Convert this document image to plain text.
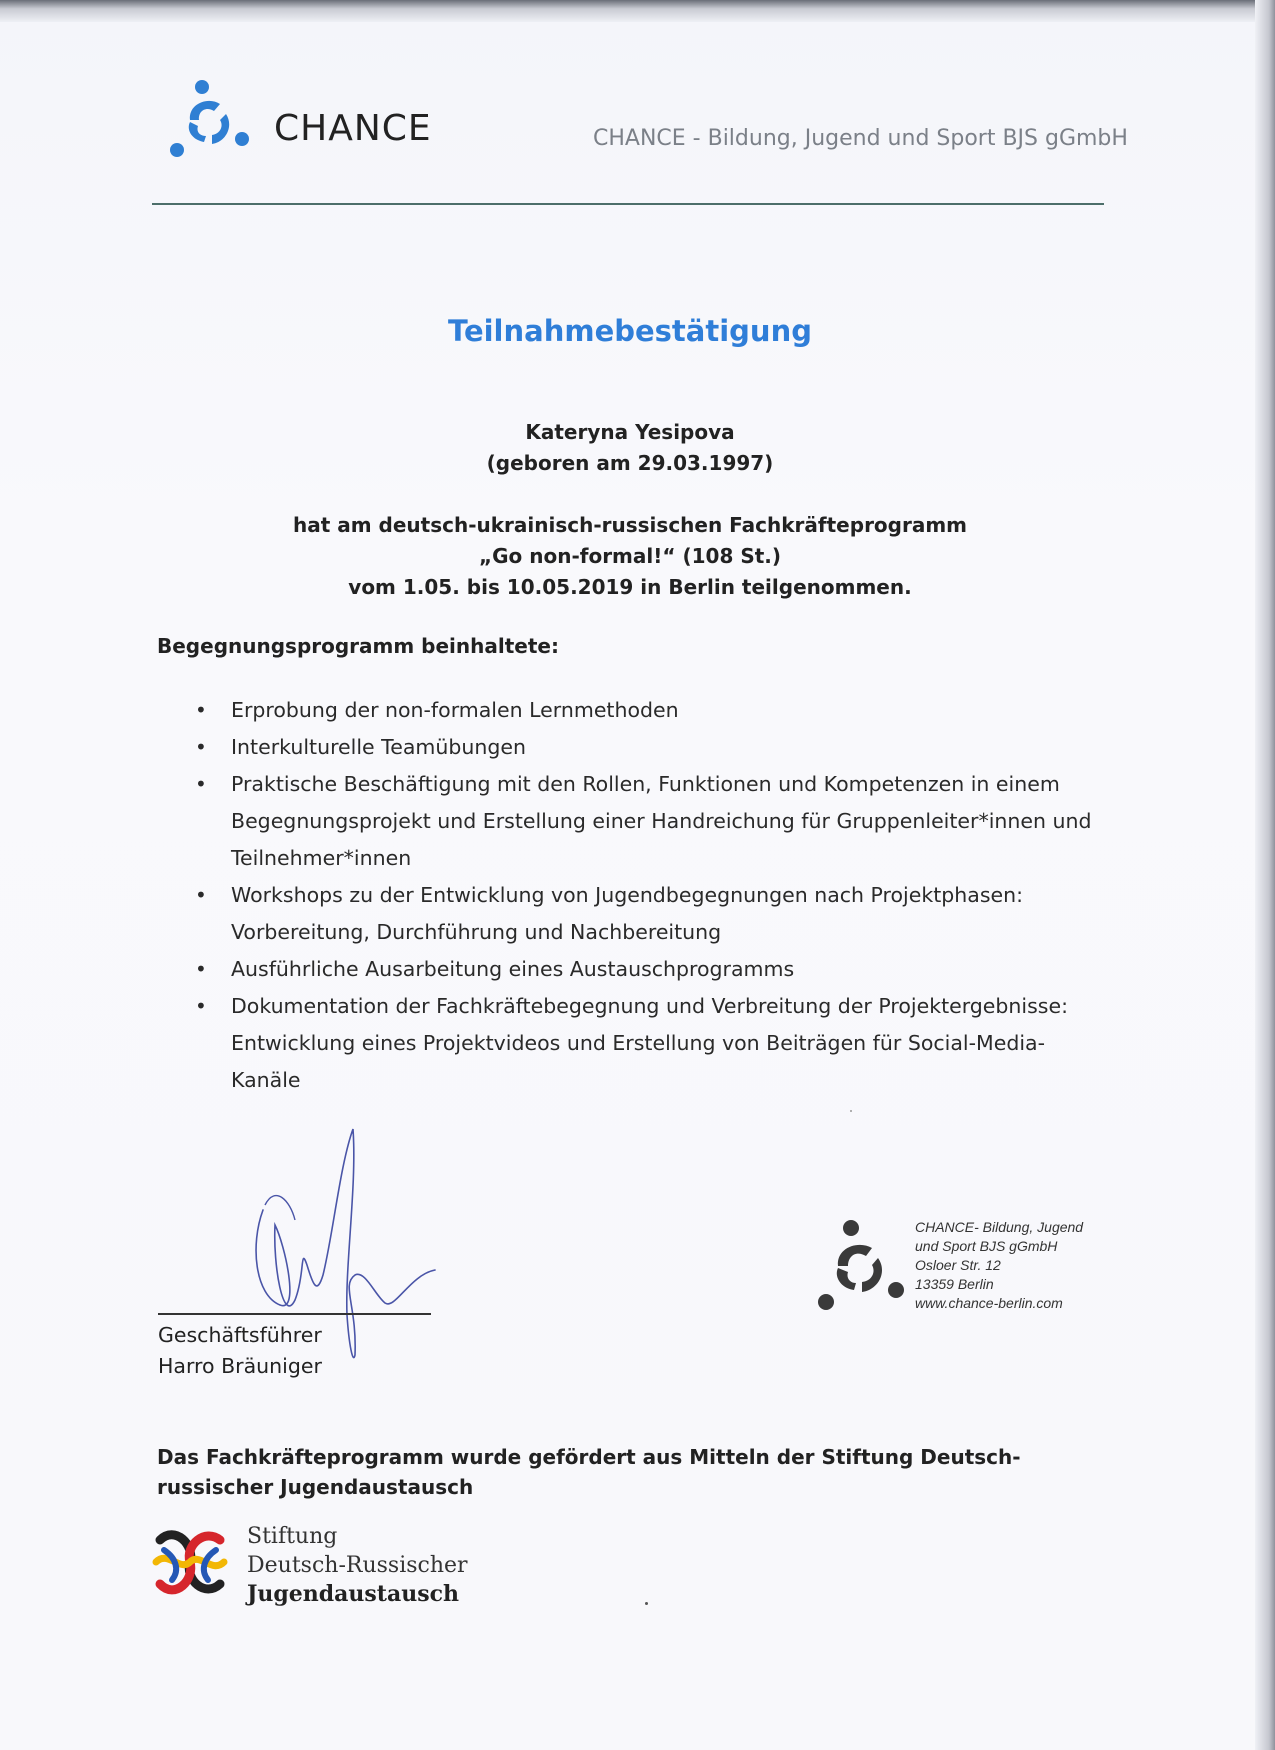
CHANCE	CHANCE - Bildung, Jugend und Sport BJS gGmbH
Teilnahmebestätigung
Kateryna Yesipova
(geboren am 29.03.1997)
hat am deutsch-ukrainisch-russischen Fachkräfteprogramm
„Go non-formal!“ (108 St.)
vom 1.05. bis 10.05.2019 in Berlin teilgenommen.
Begegnungsprogramm beinhaltete:
• Erprobung der non-formalen Lernmethoden
• Interkulturelle Teamübungen
• Praktische Beschäftigung mit den Rollen, Funktionen und Kompetenzen in einem
Begegnungsprojekt und Erstellung einer Handreichung für Gruppenleiter*innen und
Teilnehmer*innen
• Workshops zu der Entwicklung von Jugendbegegnungen nach Projektphasen:
Vorbereitung, Durchführung und Nachbereitung
• Ausführliche Ausarbeitung eines Austauschprogramms
• Dokumentation der Fachkräftebegegnung und Verbreitung der Projektergebnisse:
Entwicklung eines Projektvideos und Erstellung von Beiträgen für Social-Media-
Kanäle
Geschäftsführer
Harro Bräuniger
CHANCE- Bildung, Jugend
und Sport BJS gGmbH
Osloer Str. 12
13359 Berlin
www.chance-berlin.com
Das Fachkräfteprogramm wurde gefördert aus Mitteln der Stiftung Deutsch-russischer Jugendaustausch
Stiftung
Deutsch-Russischer
Jugendaustausch
